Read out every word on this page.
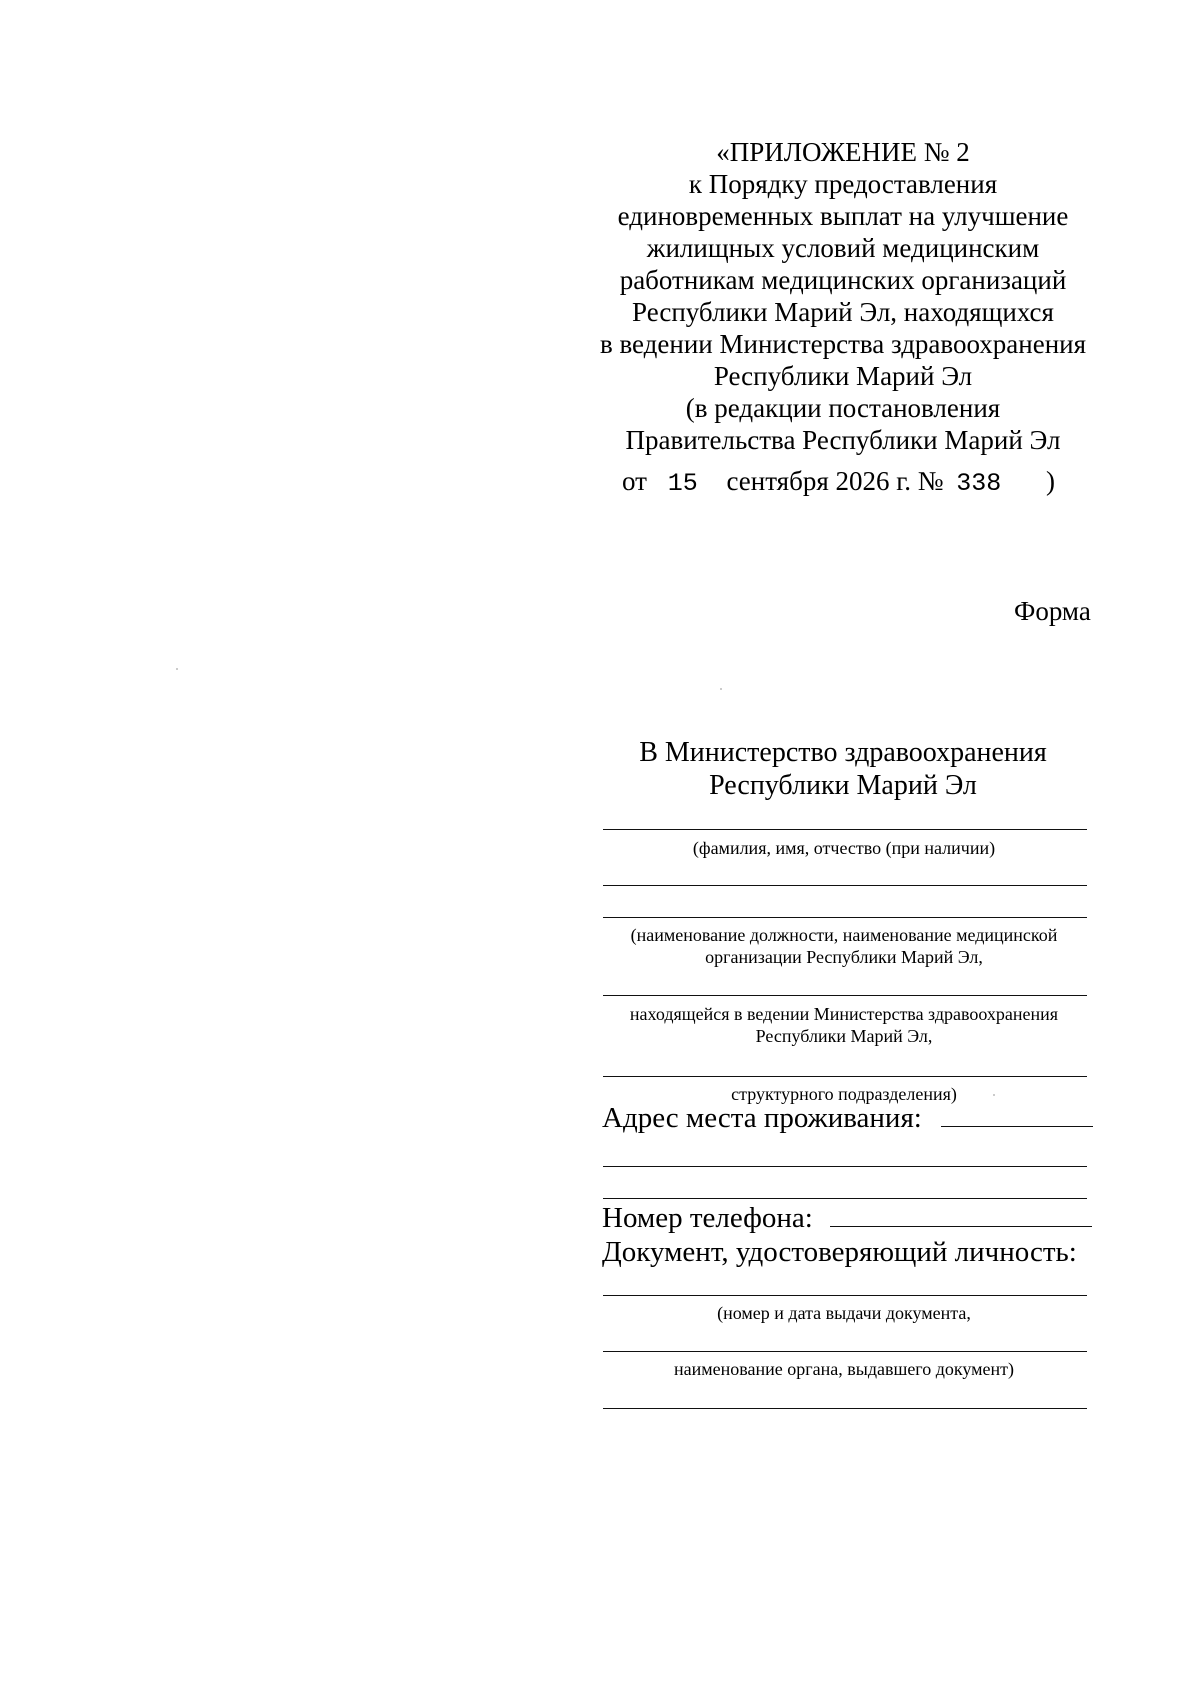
«ПРИЛОЖЕНИЕ № 2
к Порядку предоставления
единовременных выплат на улучшение
жилищных условий медицинским
работникам медицинских организаций
Республики Марий Эл, находящихся
в ведении Министерства здравоохранения
Республики Марий Эл
(в редакции постановления
Правительства Республики Марий Эл
от 15 сентября 2026 г. № 338 )
Форма
В Министерство здравоохранения
Республики Марий Эл
(фамилия, имя, отчество (при наличии)
(наименование должности, наименование медицинской
организации Республики Марий Эл,
находящейся в ведении Министерства здравоохранения
Республики Марий Эл,
структурного подразделения)
Адрес места проживания:
Номер телефона:
Документ, удостоверяющий личность:
(номер и дата выдачи документа,
наименование органа, выдавшего документ)
